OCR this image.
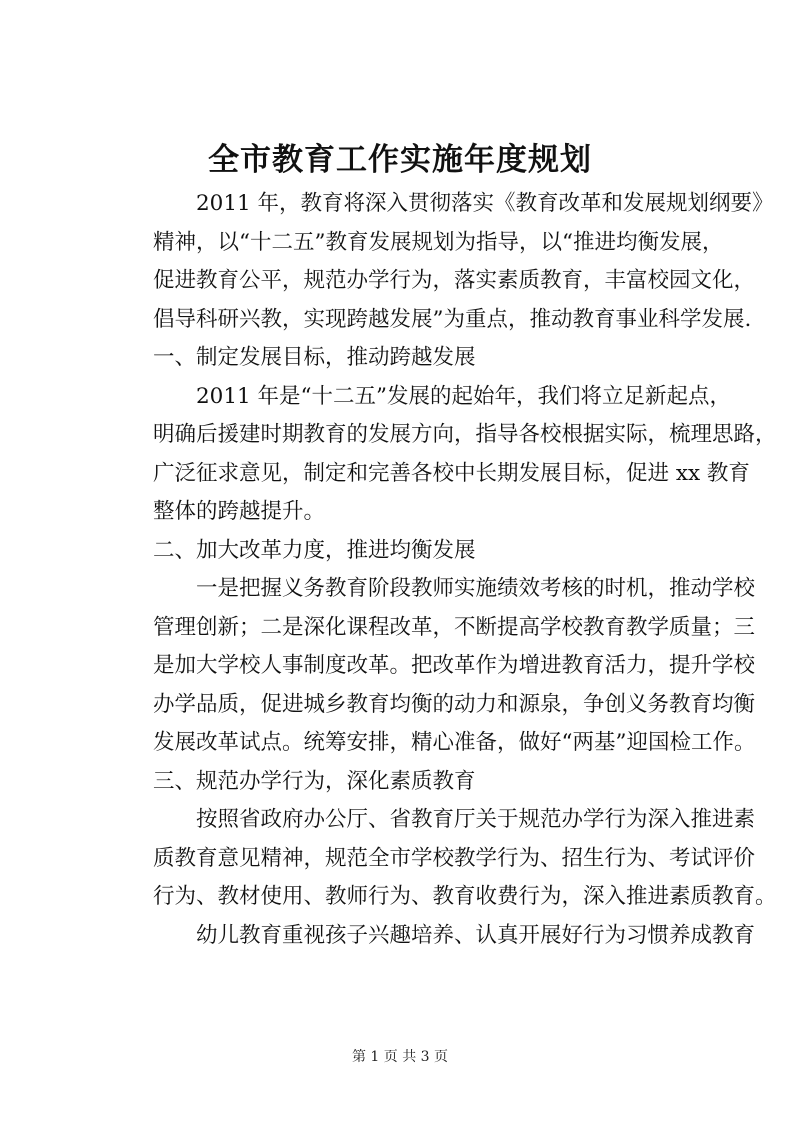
全市教育工作实施年度规划
2011 年，教育将深入贯彻落实《教育改革和发展规划纲要》
精神，以“十二五”教育发展规划为指导，以“推进均衡发展，
促进教育公平，规范办学行为，落实素质教育，丰富校园文化，
倡导科研兴教，实现跨越发展”为重点，推动教育事业科学发展.
一、制定发展目标，推动跨越发展
2011 年是“十二五”发展的起始年，我们将立足新起点，
明确后援建时期教育的发展方向，指导各校根据实际，梳理思路，
广泛征求意见，制定和完善各校中长期发展目标，促进 xx 教育
整体的跨越提升。
二、加大改革力度，推进均衡发展
一是把握义务教育阶段教师实施绩效考核的时机，推动学校
管理创新；二是深化课程改革，不断提高学校教育教学质量；三
是加大学校人事制度改革。把改革作为增进教育活力，提升学校
办学品质，促进城乡教育均衡的动力和源泉，争创义务教育均衡
发展改革试点。统筹安排，精心准备，做好“两基”迎国检工作。
三、规范办学行为，深化素质教育
按照省政府办公厅、省教育厅关于规范办学行为深入推进素
质教育意见精神，规范全市学校教学行为、招生行为、考试评价
行为、教材使用、教师行为、教育收费行为，深入推进素质教育。
幼儿教育重视孩子兴趣培养、认真开展好行为习惯养成教育
第 1 页 共 3 页
